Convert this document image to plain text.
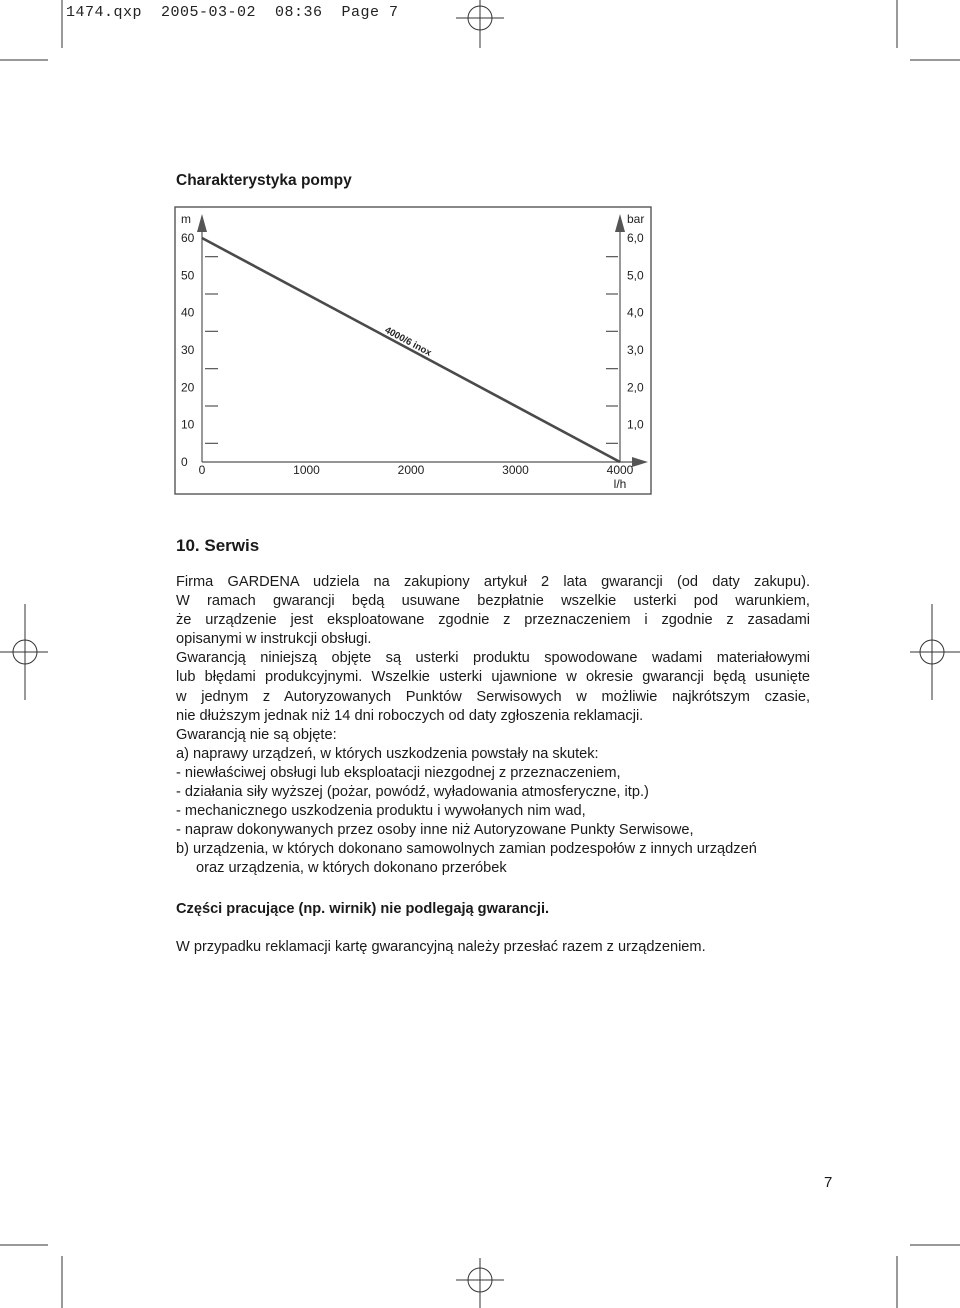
1474.qxp  2005-03-02  08:36  Page 7
Charakterystyka pompy
m	bar
l/h
0
10
20
30
40
50
60
1,0
2,0
3,0
4,0
5,0
6,0
0	1000	2000	3000	4000
4000/6 inox
10. Serwis

Firma GARDENA udziela na zakupiony artykuł 2 lata gwarancji (od daty zakupu).
W ramach gwarancji będą usuwane bezpłatnie wszelkie usterki pod warunkiem,
że urządzenie jest eksploatowane zgodnie z przeznaczeniem i zgodnie z zasadami
opisanymi w instrukcji obsługi.

Gwarancją niniejszą objęte są usterki produktu spowodowane wadami materiałowymi
lub błędami produkcyjnymi. Wszelkie usterki ujawnione w okresie gwarancji będą usunięte
w jednym z Autoryzowanych Punktów Serwisowych w możliwie najkrótszym czasie,
nie dłuższym jednak niż 14 dni roboczych od daty zgłoszenia reklamacji.

Gwarancją nie są objęte:
a) naprawy urządzeń, w których uszkodzenia powstały na skutek:
- niewłaściwej obsługi lub eksploatacji niezgodnej z przeznaczeniem,
- działania siły wyższej (pożar, powódź, wyładowania atmosferyczne, itp.)
- mechanicznego uszkodzenia produktu i wywołanych nim wad,
- napraw dokonywanych przez osoby inne niż Autoryzowane Punkty Serwisowe,
b) urządzenia, w których dokonano samowolnych zamian podzespołów z innych urządzeń
oraz urządzenia, w których dokonano przeróbek

Części pracujące (np. wirnik) nie podlegają gwarancji.

W przypadku reklamacji kartę gwarancyjną należy przesłać razem z urządzeniem.

7
